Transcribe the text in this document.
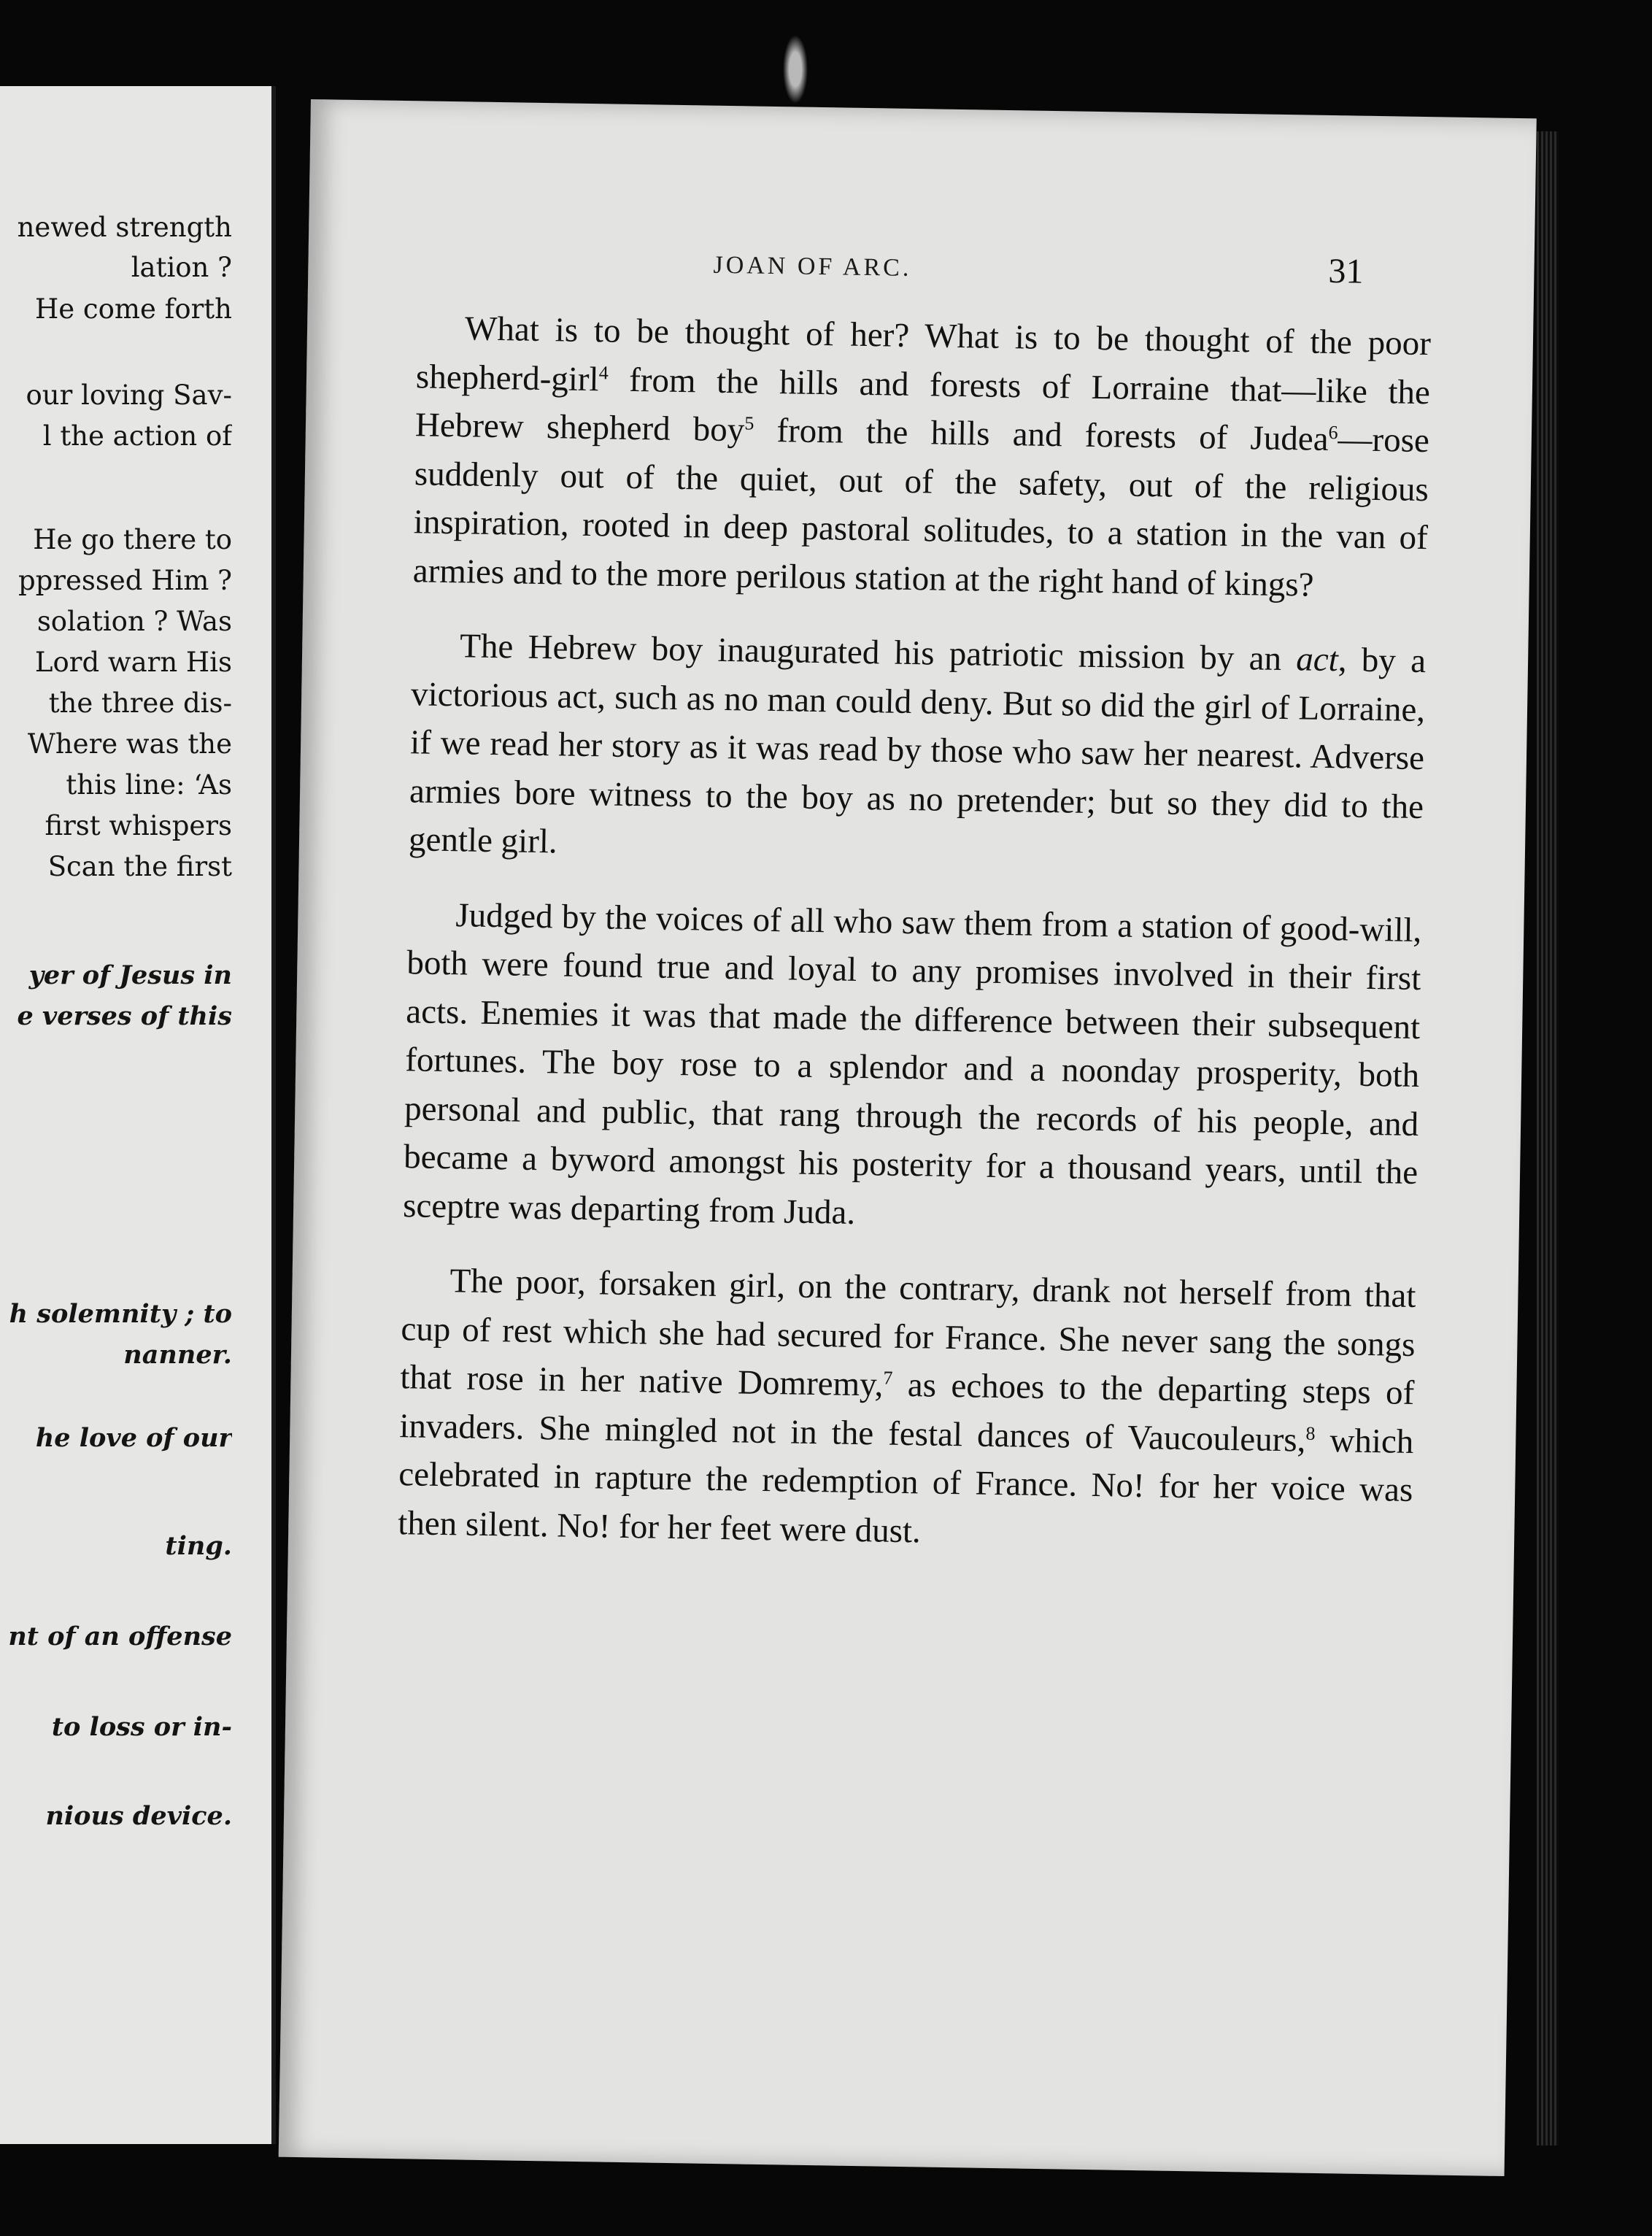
newed strength
lation ?
He come forth
our loving Sav-
l the action of
He go there to
ppressed Him ?
solation ? Was
Lord warn His
the three dis-
Where was the
this line: ‘As
first whispers
Scan the first
yer of Jesus in
e verses of this
h solemnity ; to
nanner.
he love of our
ting.
nt of an offense
to loss or in-
nious device.
JOAN OF ARC.	31

What is to be thought of her? What is to be thought of the poor shepherd-girl$^4$ from the hills and forests of Lorraine that—like the Hebrew shepherd boy$^5$ from the hills and forests of Judea$^6$—rose suddenly out of the quiet, out of the safety, out of the religious inspiration, rooted in deep pastoral solitudes, to a station in the van of armies and to the more perilous station at the right hand of kings?

The Hebrew boy inaugurated his patriotic mission by an act, by a victorious act, such as no man could deny. But so did the girl of Lorraine, if we read her story as it was read by those who saw her nearest. Adverse armies bore witness to the boy as no pretender; but so they did to the gentle girl.

Judged by the voices of all who saw them from a station of good-will, both were found true and loyal to any promises involved in their first acts. Enemies it was that made the difference between their subsequent fortunes. The boy rose to a splendor and a noonday prosperity, both personal and public, that rang through the records of his people, and became a byword amongst his posterity for a thousand years, until the sceptre was departing from Juda.

The poor, forsaken girl, on the contrary, drank not herself from that cup of rest which she had secured for France. She never sang the songs that rose in her native Domremy,$^7$ as echoes to the departing steps of invaders. She mingled not in the festal dances of Vaucouleurs,$^8$ which celebrated in rapture the redemption of France. No! for her voice was then silent. No! for her feet were dust.
